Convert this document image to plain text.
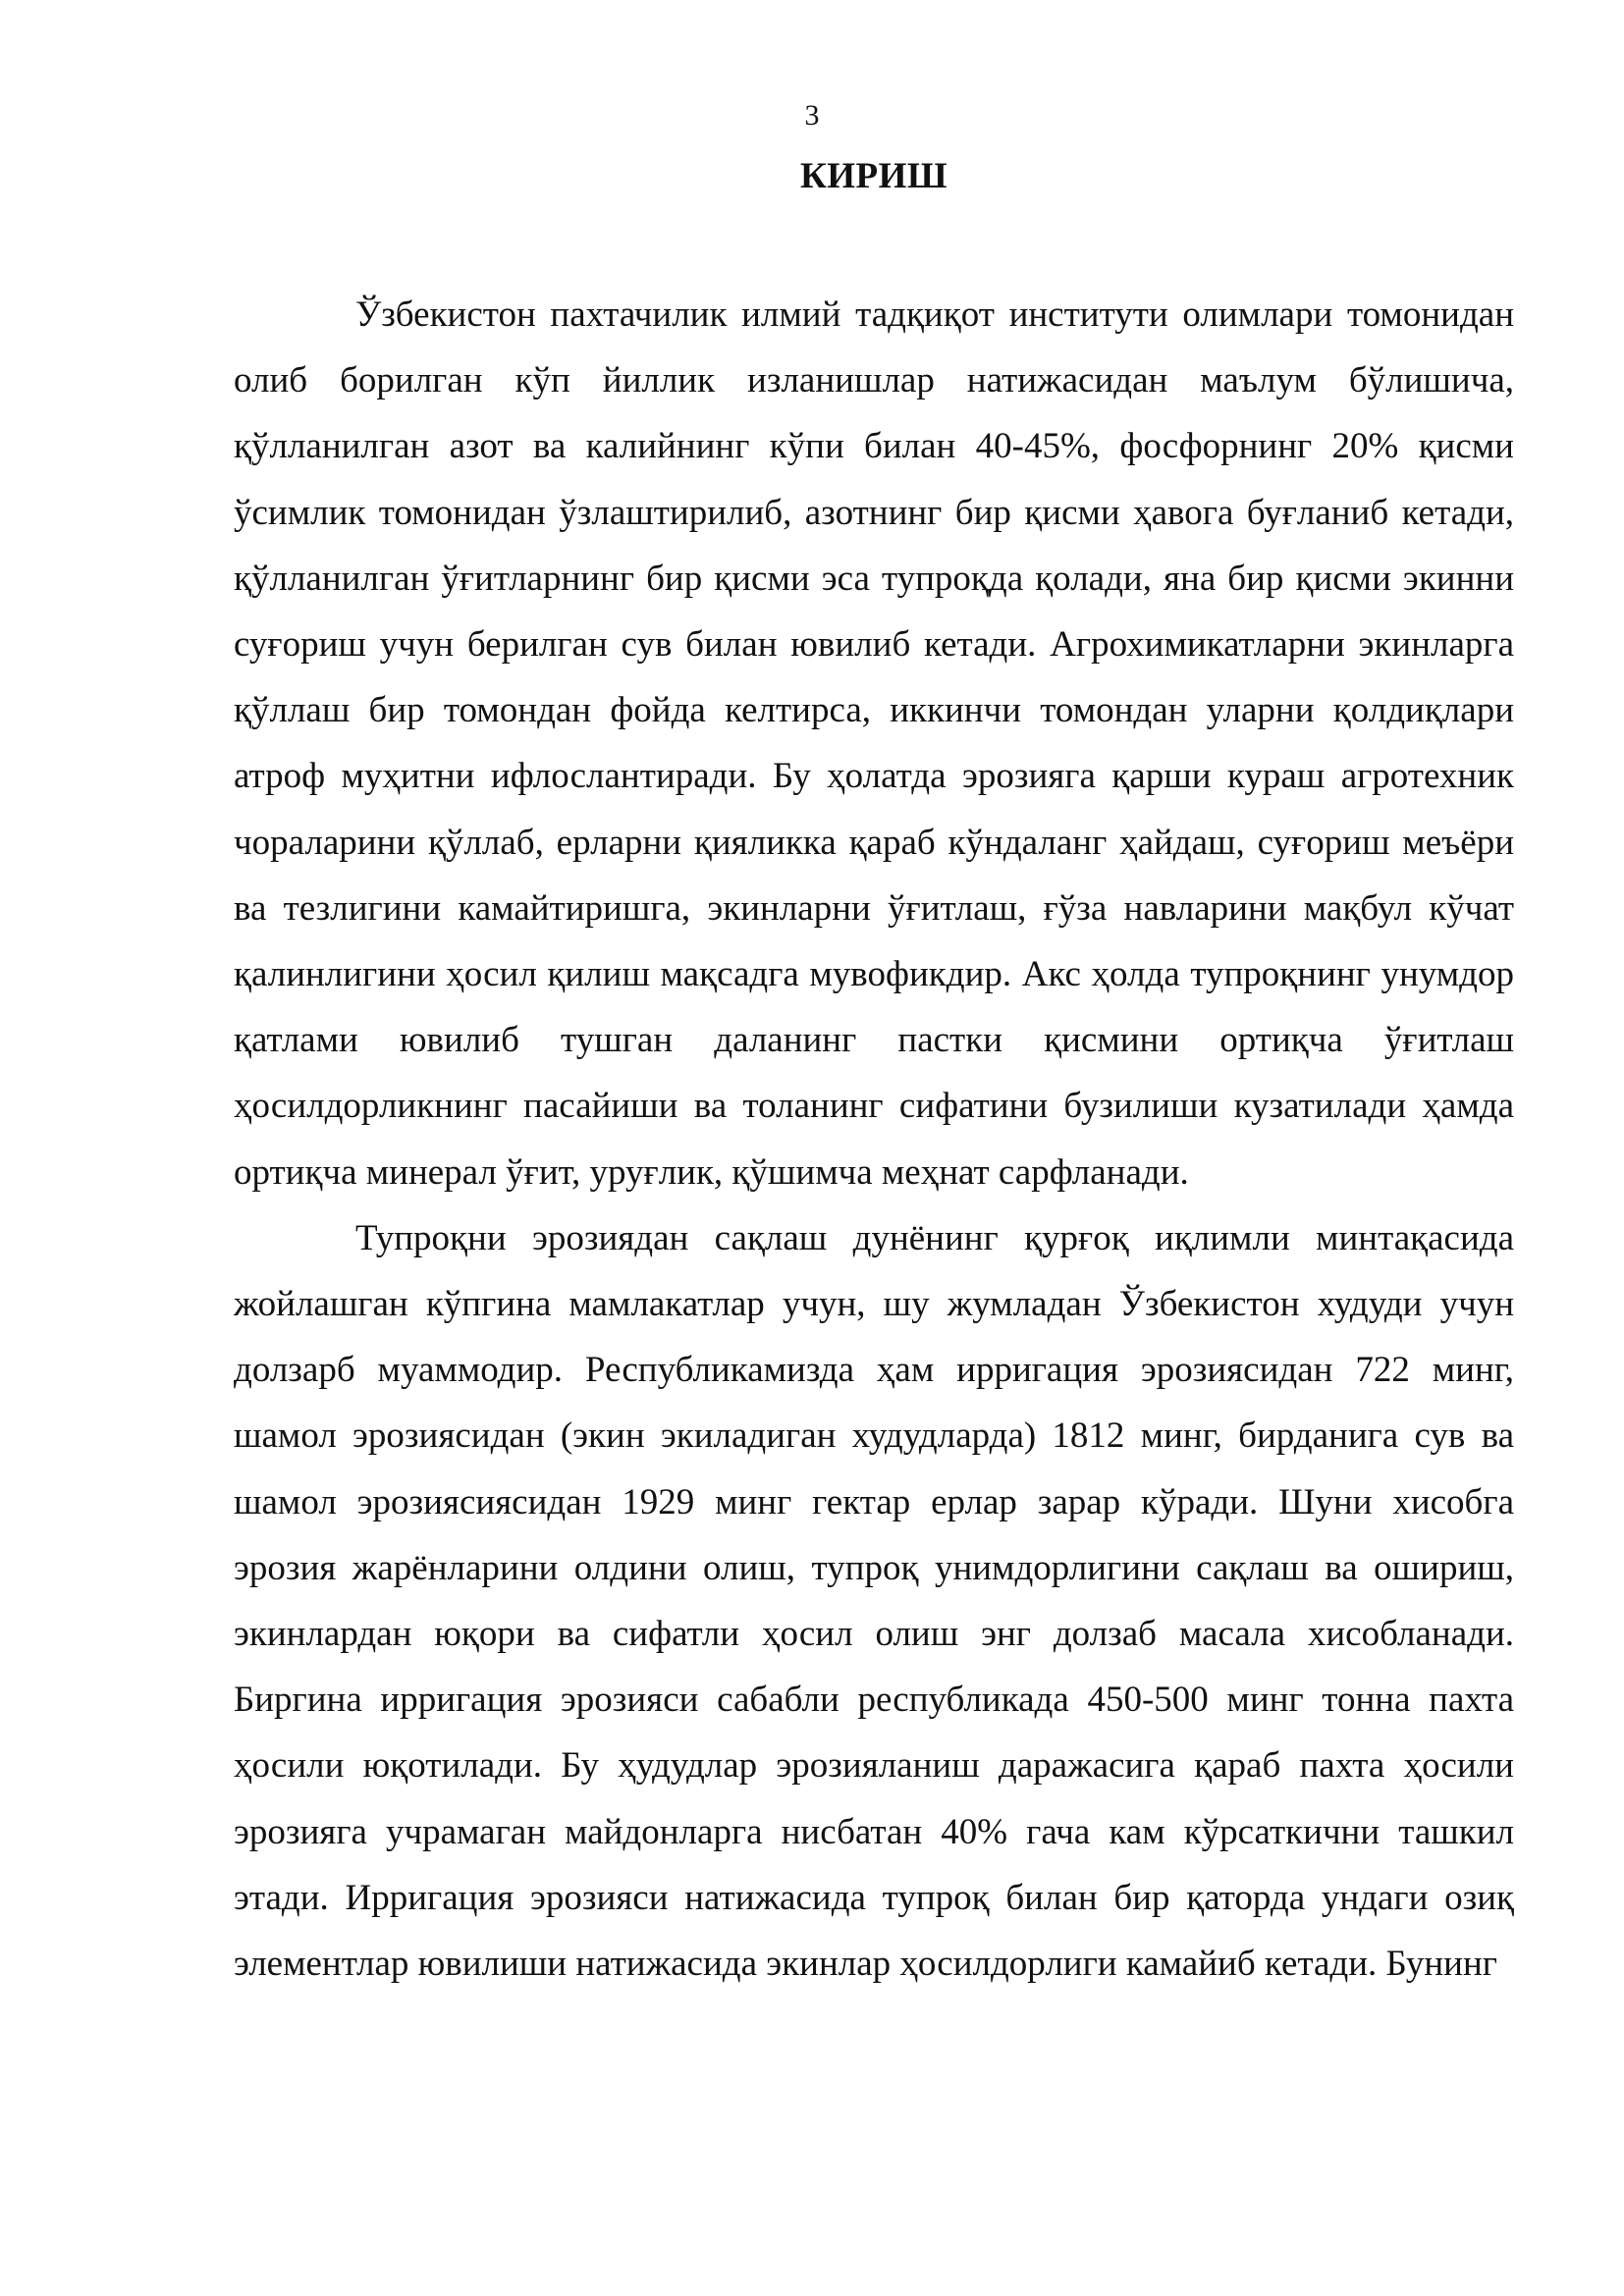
3
КИРИШ

Ўзбекистон пахтачилик илмий тадқиқот институти олимлари томонидан олиб борилган кўп йиллик изланишлар натижасидан маълум бўлишича, қўлланилган азот ва калийнинг кўпи билан 40-45%, фосфорнинг 20% қисми ўсимлик томонидан ўзлаштирилиб, азотнинг бир қисми ҳавога буғланиб кетади, қўлланилган ўғитларнинг бир қисми эса тупроқда қолади, яна бир қисми экинни суғориш учун берилган сув билан ювилиб кетади. Агрохимикатларни экинларга қўллаш бир томондан фойда келтирса, иккинчи томондан уларни қолдиқлари атроф муҳитни ифлослантиради. Бу ҳолатда эрозияга қарши кураш агротехник чораларини қўллаб, ерларни қияликка қараб кўндаланг ҳайдаш, суғориш меъёри ва тезлигини камайтиришга, экинларни ўғитлаш, ғўза навларини мақбул кўчат қалинлигини ҳосил қилиш мақсадга мувофикдир. Акс ҳолда тупроқнинг унумдор қатлами ювилиб тушган даланинг пастки қисмини ортиқча ўғитлаш ҳосилдорликнинг пасайиши ва толанинг сифатини бузилиши кузатилади ҳамда ортиқча минерал ўғит, уруғлик, қўшимча меҳнат сарфланади.

Тупроқни эрозиядан сақлаш дунёнинг қурғоқ иқлимли минтақасида жойлашган кўпгина мамлакатлар учун, шу жумладан Ўзбекистон худуди учун долзарб муаммодир. Республикамизда ҳам ирригация эрозиясидан 722 минг, шамол эрозиясидан (экин экиладиган худудларда) 1812 минг, бирданига сув ва шамол эрозиясиясидан 1929 минг гектар ерлар зарар кўради. Шуни хисобга эрозия жарёнларини олдини олиш, тупроқ унимдорлигини сақлаш ва ошириш, экинлардан юқори ва сифатли ҳосил олиш энг долзаб масала хисобланади. Биргина ирригация эрозияси сабабли республикада 450-500 минг тонна пахта ҳосили юқотилади. Бу ҳудудлар эрозияланиш даражасига қараб пахта ҳосили эрозияга учрамаган майдонларга нисбатан 40% гача кам кўрсаткични ташкил этади. Ирригация эрозияси натижасида тупроқ билан бир қаторда ундаги озиқ элементлар ювилиши натижасида экинлар ҳосилдорлиги камайиб кетади. Бунинг
